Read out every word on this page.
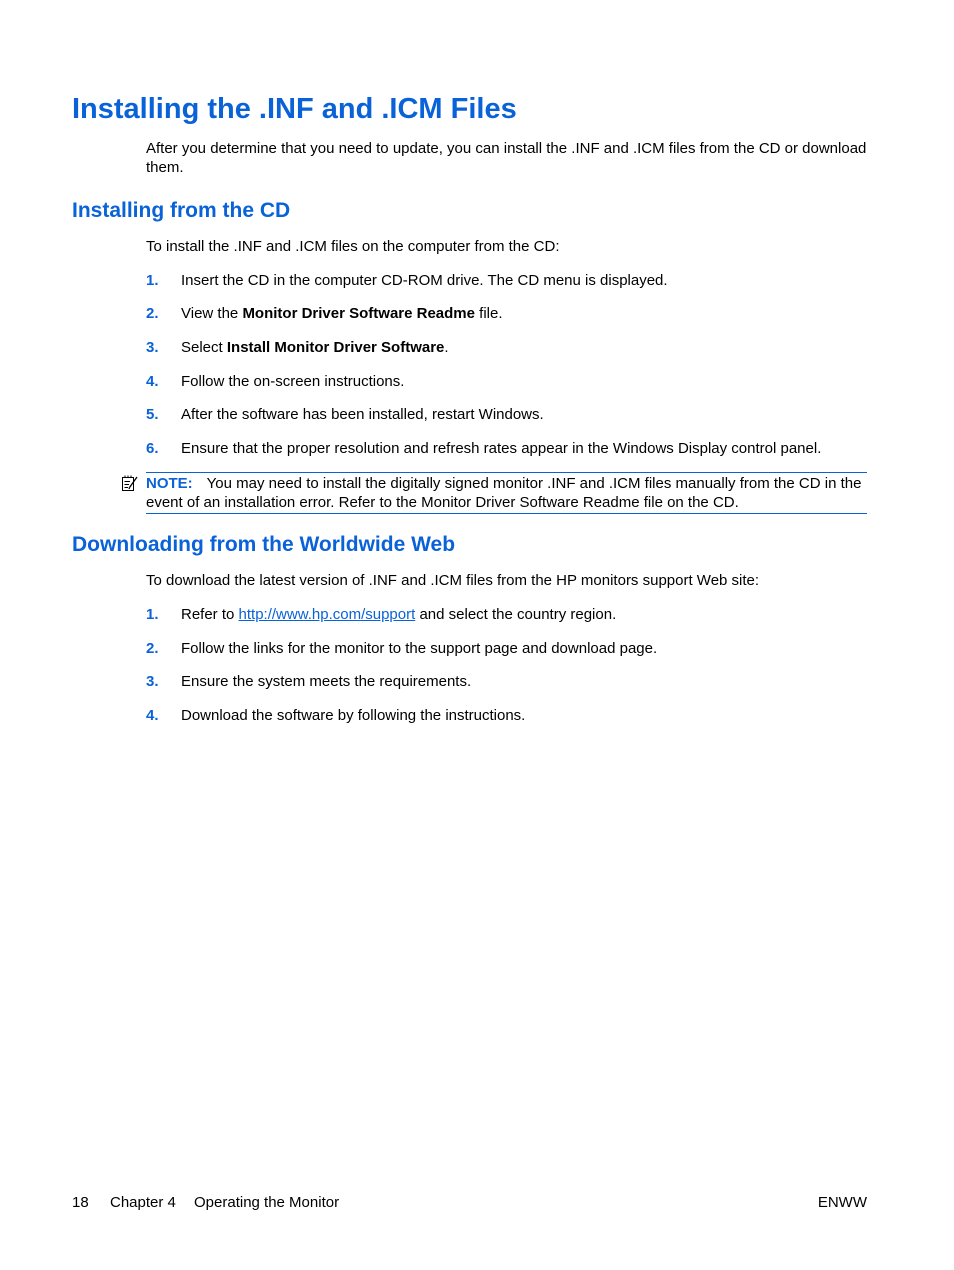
Installing the .INF and .ICM Files

After you determine that you need to update, you can install the .INF and .ICM files from the CD or download them.

Installing from the CD

To install the .INF and .ICM files on the computer from the CD:

1. Insert the CD in the computer CD-ROM drive. The CD menu is displayed.
2. View the Monitor Driver Software Readme file.
3. Select Install Monitor Driver Software.
4. Follow the on-screen instructions.
5. After the software has been installed, restart Windows.
6. Ensure that the proper resolution and refresh rates appear in the Windows Display control panel.
NOTE: You may need to install the digitally signed monitor .INF and .ICM files manually from the CD in the event of an installation error. Refer to the Monitor Driver Software Readme file on the CD.
Downloading from the Worldwide Web

To download the latest version of .INF and .ICM files from the HP monitors support Web site:

1. Refer to http://www.hp.com/support and select the country region.
2. Follow the links for the monitor to the support page and download page.
3. Ensure the system meets the requirements.
4. Download the software by following the instructions.
18 Chapter 4 Operating the Monitor	ENWW
